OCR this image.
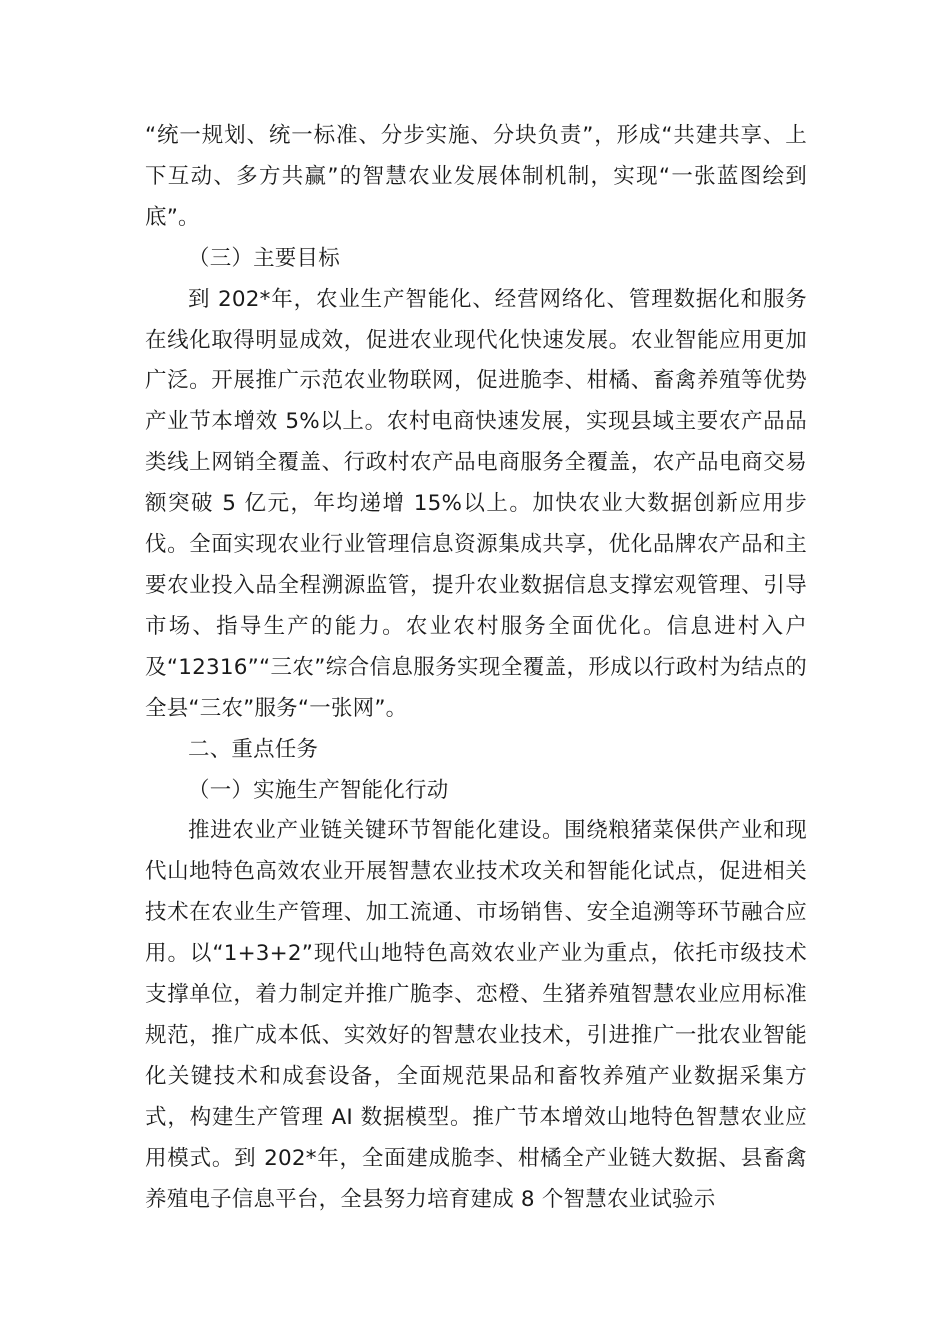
“统一规划、统一标准、分步实施、分块负责”，形成“共建共享、上下互动、多方共赢”的智慧农业发展体制机制，实现“一张蓝图绘到底”。

（三）主要目标

到 202*年，农业生产智能化、经营网络化、管理数据化和服务在线化取得明显成效，促进农业现代化快速发展。农业智能应用更加广泛。开展推广示范农业物联网，促进脆李、柑橘、畜禽养殖等优势产业节本增效 5%以上。农村电商快速发展，实现县域主要农产品品类线上网销全覆盖、行政村农产品电商服务全覆盖，农产品电商交易额突破 5 亿元，年均递增 15%以上。加快农业大数据创新应用步伐。全面实现农业行业管理信息资源集成共享，优化品牌农产品和主要农业投入品全程溯源监管，提升农业数据信息支撑宏观管理、引导市场、指导生产的能力。农业农村服务全面优化。信息进村入户及“12316”“三农”综合信息服务实现全覆盖，形成以行政村为结点的全县“三农”服务“一张网”。

二、重点任务

（一）实施生产智能化行动

推进农业产业链关键环节智能化建设。围绕粮猪菜保供产业和现代山地特色高效农业开展智慧农业技术攻关和智能化试点，促进相关技术在农业生产管理、加工流通、市场销售、安全追溯等环节融合应用。以“1+3+2”现代山地特色高效农业产业为重点，依托市级技术支撑单位，着力制定并推广脆李、恋橙、生猪养殖智慧农业应用标准规范，推广成本低、实效好的智慧农业技术，引进推广一批农业智能化关键技术和成套设备，全面规范果品和畜牧养殖产业数据采集方式，构建生产管理 AI 数据模型。推广节本增效山地特色智慧农业应用模式。到 202*年，全面建成脆李、柑橘全产业链大数据、县畜禽养殖电子信息平台，全县努力培育建成 8 个智慧农业试验示
